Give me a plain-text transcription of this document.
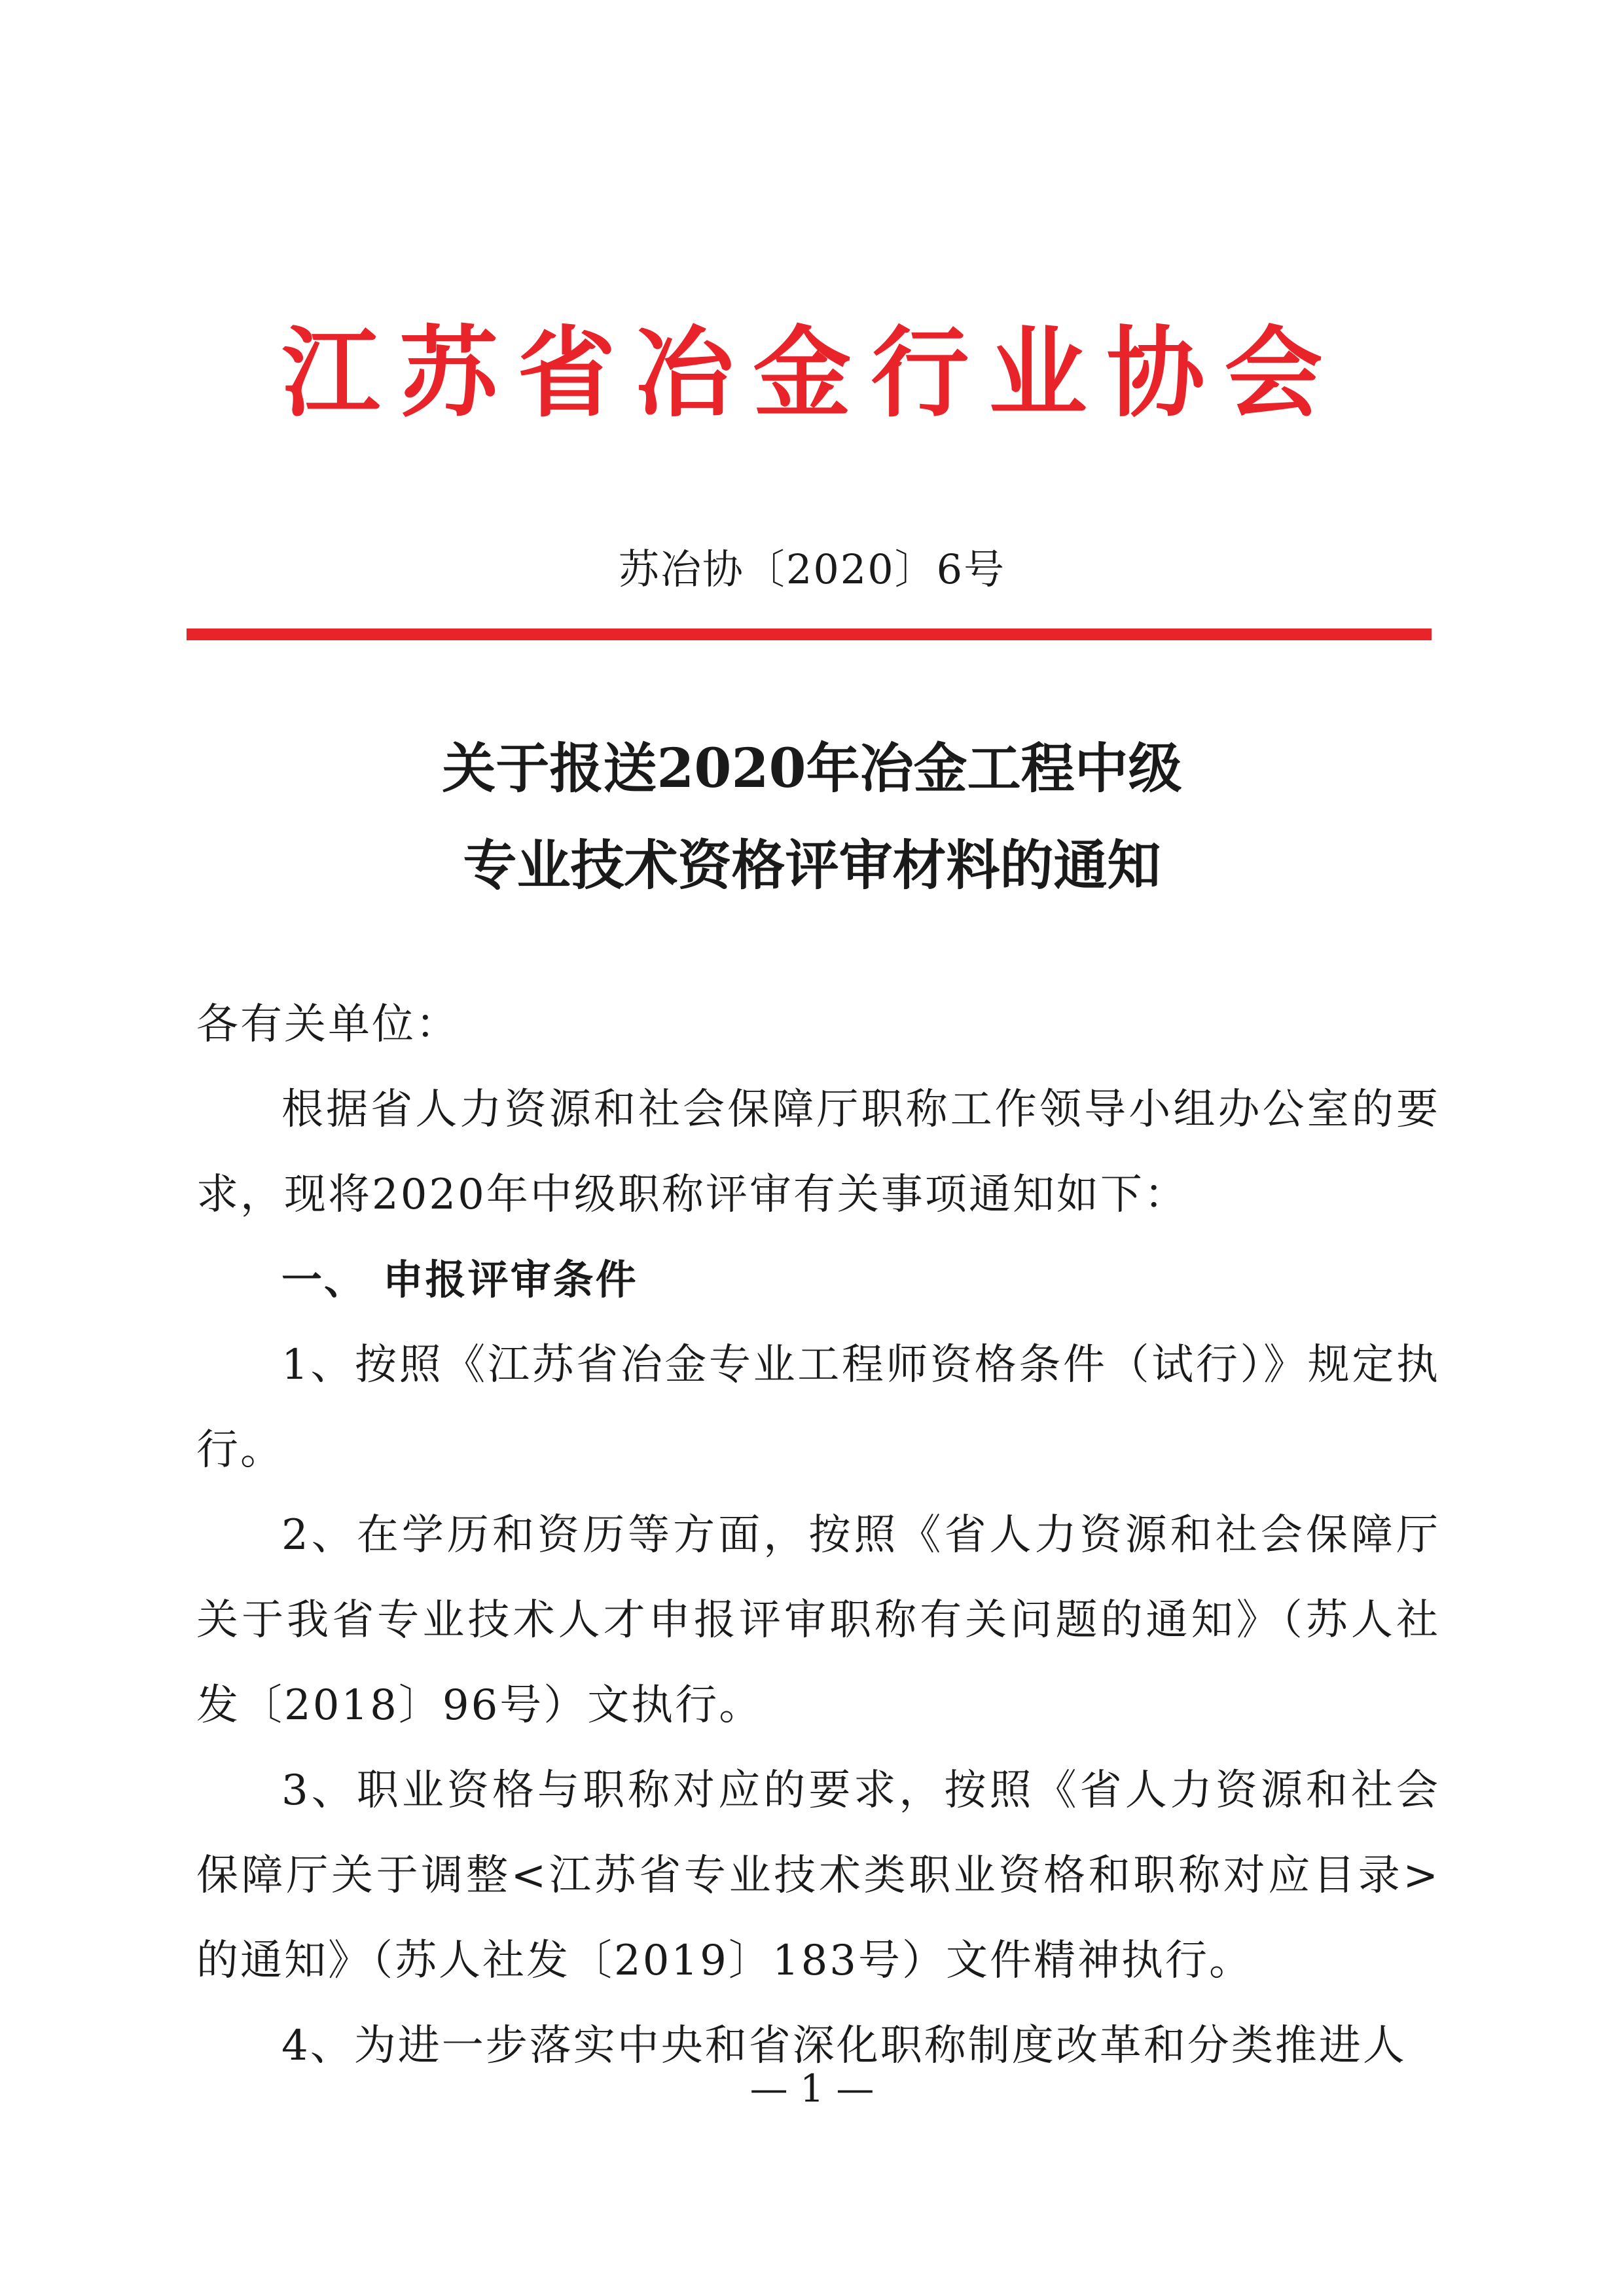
江苏省冶金行业协会
苏冶协〔2020〕6号
关于报送2020年冶金工程中级
专业技术资格评审材料的通知

各有关单位：

根据省人力资源和社会保障厅职称工作领导小组办公室的要求，现将2020年中级职称评审有关事项通知如下：

一、 申报评审条件

1、按照《江苏省冶金专业工程师资格条件（试行）》规定执行。

2、在学历和资历等方面，按照《省人力资源和社会保障厅关于我省专业技术人才申报评审职称有关问题的通知》（苏人社发〔2018〕96号）文执行。

3、职业资格与职称对应的要求，按照《省人力资源和社会保障厅关于调整<江苏省专业技术类职业资格和职称对应目录>的通知》（苏人社发〔2019〕183号）文件精神执行。

4、为进一步落实中央和省深化职称制度改革和分类推进人

— 1 —
